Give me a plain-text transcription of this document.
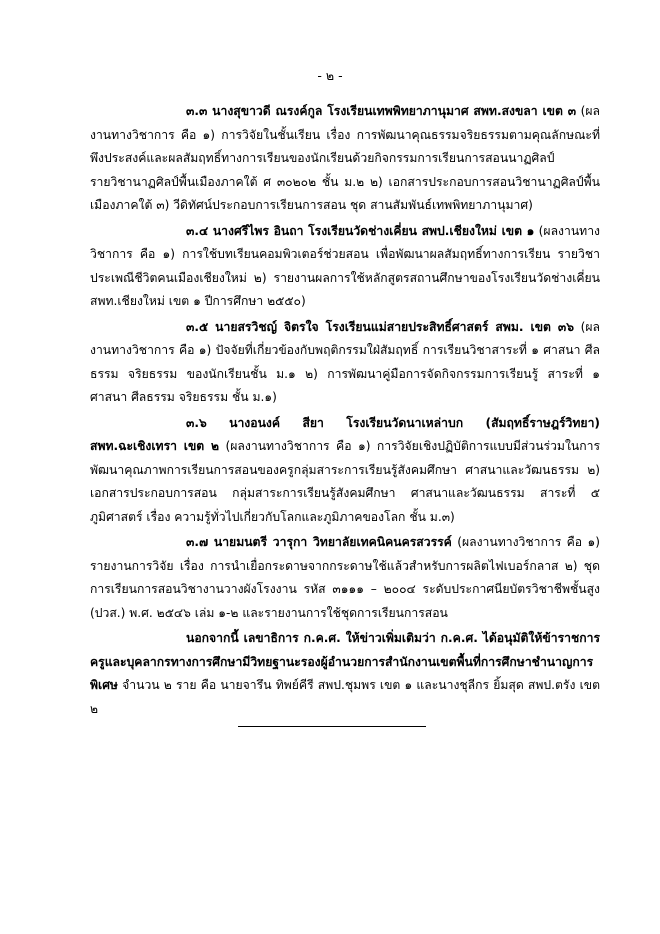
- ๒ -

๓.๓ นางสุขาวดี ณรงค์กูล โรงเรียนเทพพิทยาภานุมาศ สพท.สงขลา เขต ๓ (ผลงานทางวิชาการ คือ ๑) การวิจัยในชั้นเรียน เรื่อง การพัฒนาคุณธรรมจริยธรรมตามคุณลักษณะที่พึงประสงค์และผลสัมฤทธิ์ทางการเรียนของนักเรียนด้วยกิจกรรมการเรียนการสอนนาฏศิลป์ รายวิชานาฏศิลป์พื้นเมืองภาคใต้ ศ ๓๐๒๐๒ ชั้น ม.๒ ๒) เอกสารประกอบการสอนวิชานาฏศิลป์พื้นเมืองภาคใต้ ๓) วีดิทัศน์ประกอบการเรียนการสอน ชุด สานสัมพันธ์เทพพิทยาภานุมาศ)

๓.๔ นางศรีไพร อินถา โรงเรียนวัดช่างเคี่ยน สพป.เชียงใหม่ เขต ๑ (ผลงานทางวิชาการ คือ ๑) การใช้บทเรียนคอมพิวเตอร์ช่วยสอน เพื่อพัฒนาผลสัมฤทธิ์ทางการเรียน รายวิชาประเพณีชีวิตคนเมืองเชียงใหม่ ๒) รายงานผลการใช้หลักสูตรสถานศึกษาของโรงเรียนวัดช่างเคี่ยน สพท.เชียงใหม่ เขต ๑ ปีการศึกษา ๒๕๕๐)

๓.๕ นายสรวิชญ์ จิตรใจ โรงเรียนแม่สายประสิทธิ์ศาสตร์ สพม. เขต ๓๖ (ผลงานทางวิชาการ คือ ๑) ปัจจัยที่เกี่ยวข้องกับพฤติกรรมใฝ่สัมฤทธิ์ การเรียนวิชาสาระที่ ๑ ศาสนา ศีลธรรม จริยธรรม ของนักเรียนชั้น ม.๑ ๒) การพัฒนาคู่มือการจัดกิจกรรมการเรียนรู้ สาระที่ ๑ ศาสนา ศีลธรรม จริยธรรม ชั้น ม.๑)

๓.๖ นางอนงค์ สียา โรงเรียนวัดนาเหล่าบก (สัมฤทธิ์ราษฎร์วิทยา) สพท.ฉะเชิงเทรา เขต ๒ (ผลงานทางวิชาการ คือ ๑) การวิจัยเชิงปฏิบัติการแบบมีส่วนร่วมในการพัฒนาคุณภาพการเรียนการสอนของครูกลุ่มสาระการเรียนรู้สังคมศึกษา ศาสนาและวัฒนธรรม ๒) เอกสารประกอบการสอน กลุ่มสาระการเรียนรู้สังคมศึกษา ศาสนาและวัฒนธรรม สาระที่ ๕ ภูมิศาสตร์ เรื่อง ความรู้ทั่วไปเกี่ยวกับโลกและภูมิภาคของโลก ชั้น ม.๓)

๓.๗ นายมนตรี วารุกา วิทยาลัยเทคนิคนครสวรรค์ (ผลงานทางวิชาการ คือ ๑) รายงานการวิจัย เรื่อง การนำเยื่อกระดาษจากกระดาษใช้แล้วสำหรับการผลิตไฟเบอร์กลาส ๒) ชุดการเรียนการสอนวิชางานวางผังโรงงาน รหัส ๓๑๑๑ – ๒๐๐๔ ระดับประกาศนียบัตรวิชาชีพชั้นสูง (ปวส.) พ.ศ. ๒๕๔๖ เล่ม ๑-๒ และรายงานการใช้ชุดการเรียนการสอน

นอกจากนี้ เลขาธิการ ก.ค.ศ. ให้ข่าวเพิ่มเติมว่า ก.ค.ศ. ได้อนุมัติให้ข้าราชการครูและบุคลากรทางการศึกษามีวิทยฐานะรองผู้อำนวยการสำนักงานเขตพื้นที่การศึกษาชำนาญการพิเศษ จำนวน ๒ ราย คือ นายจารึน ทิพย์คีรี สพป.ชุมพร เขต ๑ และนางชุลีกร ยิ้มสุด สพป.ตรัง เขต ๒
